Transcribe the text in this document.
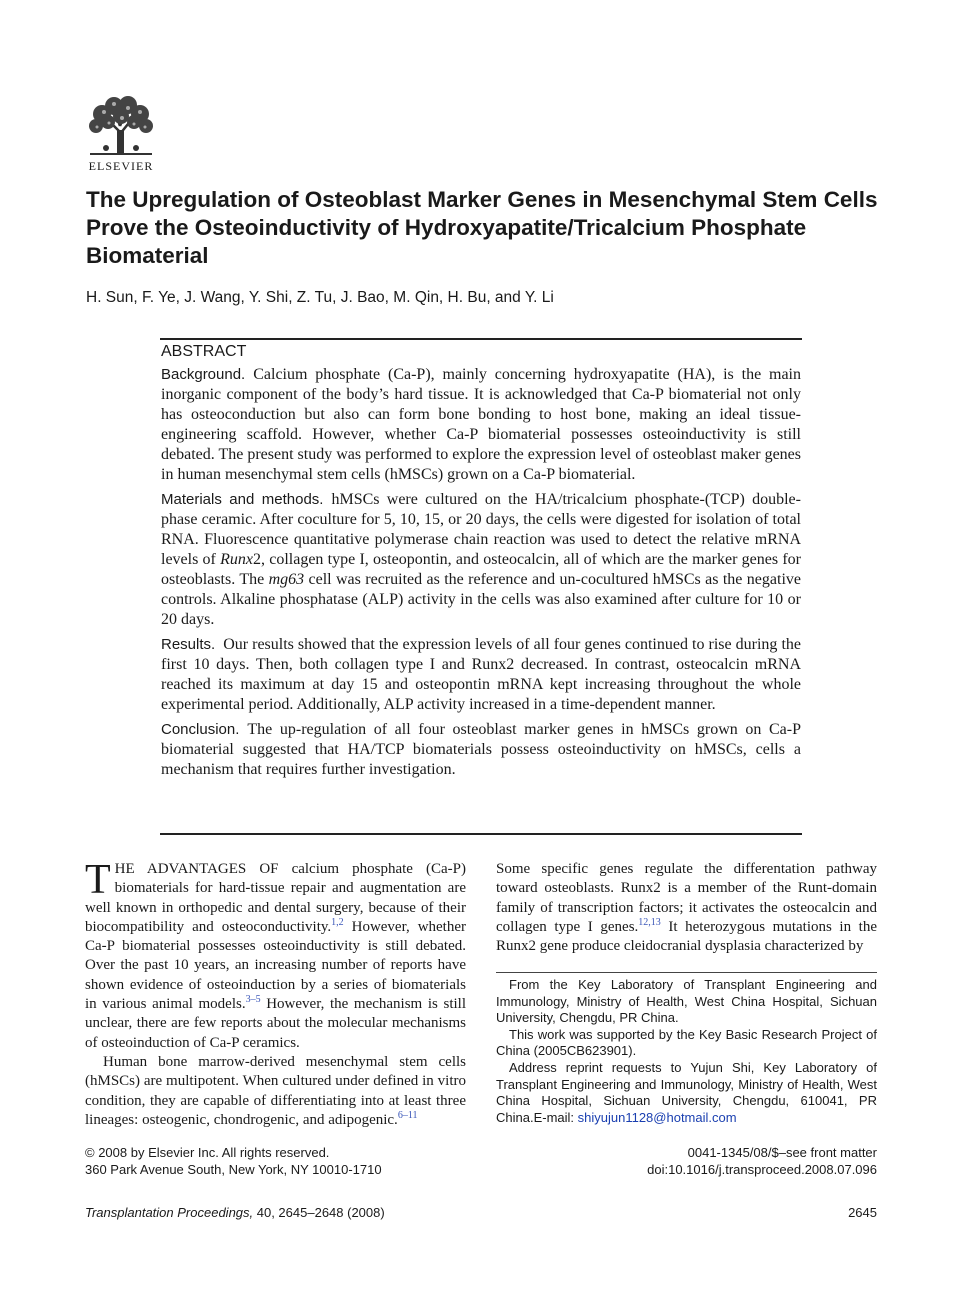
ELSEVIER
The Upregulation of Osteoblast Marker Genes in Mesenchymal Stem Cells Prove the Osteoinductivity of Hydroxyapatite/Tricalcium Phosphate Biomaterial
H. Sun, F. Ye, J. Wang, Y. Shi, Z. Tu, J. Bao, M. Qin, H. Bu, and Y. Li
ABSTRACT

Background. Calcium phosphate (Ca-P), mainly concerning hydroxyapatite (HA), is the main inorganic component of the body’s hard tissue. It is acknowledged that Ca-P biomaterial not only has osteoconduction but also can form bone bonding to host bone, making an ideal tissue-engineering scaffold. However, whether Ca-P biomaterial possesses osteoinductivity is still debated. The present study was performed to explore the expression level of osteoblast maker genes in human mesenchymal stem cells (hMSCs) grown on a Ca-P biomaterial.

Materials and methods. hMSCs were cultured on the HA/tricalcium phosphate-(TCP) double-phase ceramic. After coculture for 5, 10, 15, or 20 days, the cells were digested for isolation of total RNA. Fluorescence quantitative polymerase chain reaction was used to detect the relative mRNA levels of Runx2, collagen type I, osteopontin, and osteocalcin, all of which are the marker genes for osteoblasts. The mg63 cell was recruited as the reference and un-cocultured hMSCs as the negative controls. Alkaline phosphatase (ALP) activity in the cells was also examined after culture for 10 or 20 days.

Results. Our results showed that the expression levels of all four genes continued to rise during the first 10 days. Then, both collagen type I and Runx2 decreased. In contrast, osteocalcin mRNA reached its maximum at day 15 and osteopontin mRNA kept increasing throughout the whole experimental period. Additionally, ALP activity increased in a time-dependent manner.

Conclusion. The up-regulation of all four osteoblast marker genes in hMSCs grown on Ca-P biomaterial suggested that HA/TCP biomaterials possess osteoinductivity on hMSCs, cells a mechanism that requires further investigation.

THE ADVANTAGES OF calcium phosphate (Ca-P) biomaterials for hard-tissue repair and augmentation are well known in orthopedic and dental surgery, because of their biocompatibility and osteoconductivity.$^{1,2}$ However, whether Ca-P biomaterial possesses osteoinductivity is still debated. Over the past 10 years, an increasing number of reports have shown evidence of osteoinduction by a series of biomaterials in various animal models.$^{3-5}$ However, the mechanism is still unclear, there are few reports about the molecular mechanisms of osteoinduction of Ca-P ceramics.

Human bone marrow-derived mesenchymal stem cells (hMSCs) are multipotent. When cultured under defined in vitro condition, they are capable of differentiating into at least three lineages: osteogenic, chondrogenic, and adipogenic.$^{6-11}$

Some specific genes regulate the differentation pathway toward osteoblasts. Runx2 is a member of the Runt-domain family of transcription factors; it activates the osteocalcin and collagen type I genes.$^{12,13}$ It heterozygous mutations in the Runx2 gene produce cleidocranial dysplasia characterized by

From the Key Laboratory of Transplant Engineering and Immunology, Ministry of Health, West China Hospital, Sichuan University, Chengdu, PR China.

This work was supported by the Key Basic Research Project of China (2005CB623901).

Address reprint requests to Yujun Shi, Key Laboratory of Transplant Engineering and Immunology, Ministry of Health, West China Hospital, Sichuan University, Chengdu, 610041, PR China.E-mail: shiyujun1128@hotmail.com

© 2008 by Elsevier Inc. All rights reserved.
360 Park Avenue South, New York, NY 10010-1710
0041-1345/08/$–see front matter
doi:10.1016/j.transproceed.2008.07.096
Transplantation Proceedings, 40, 2645–2648 (2008)	2645
